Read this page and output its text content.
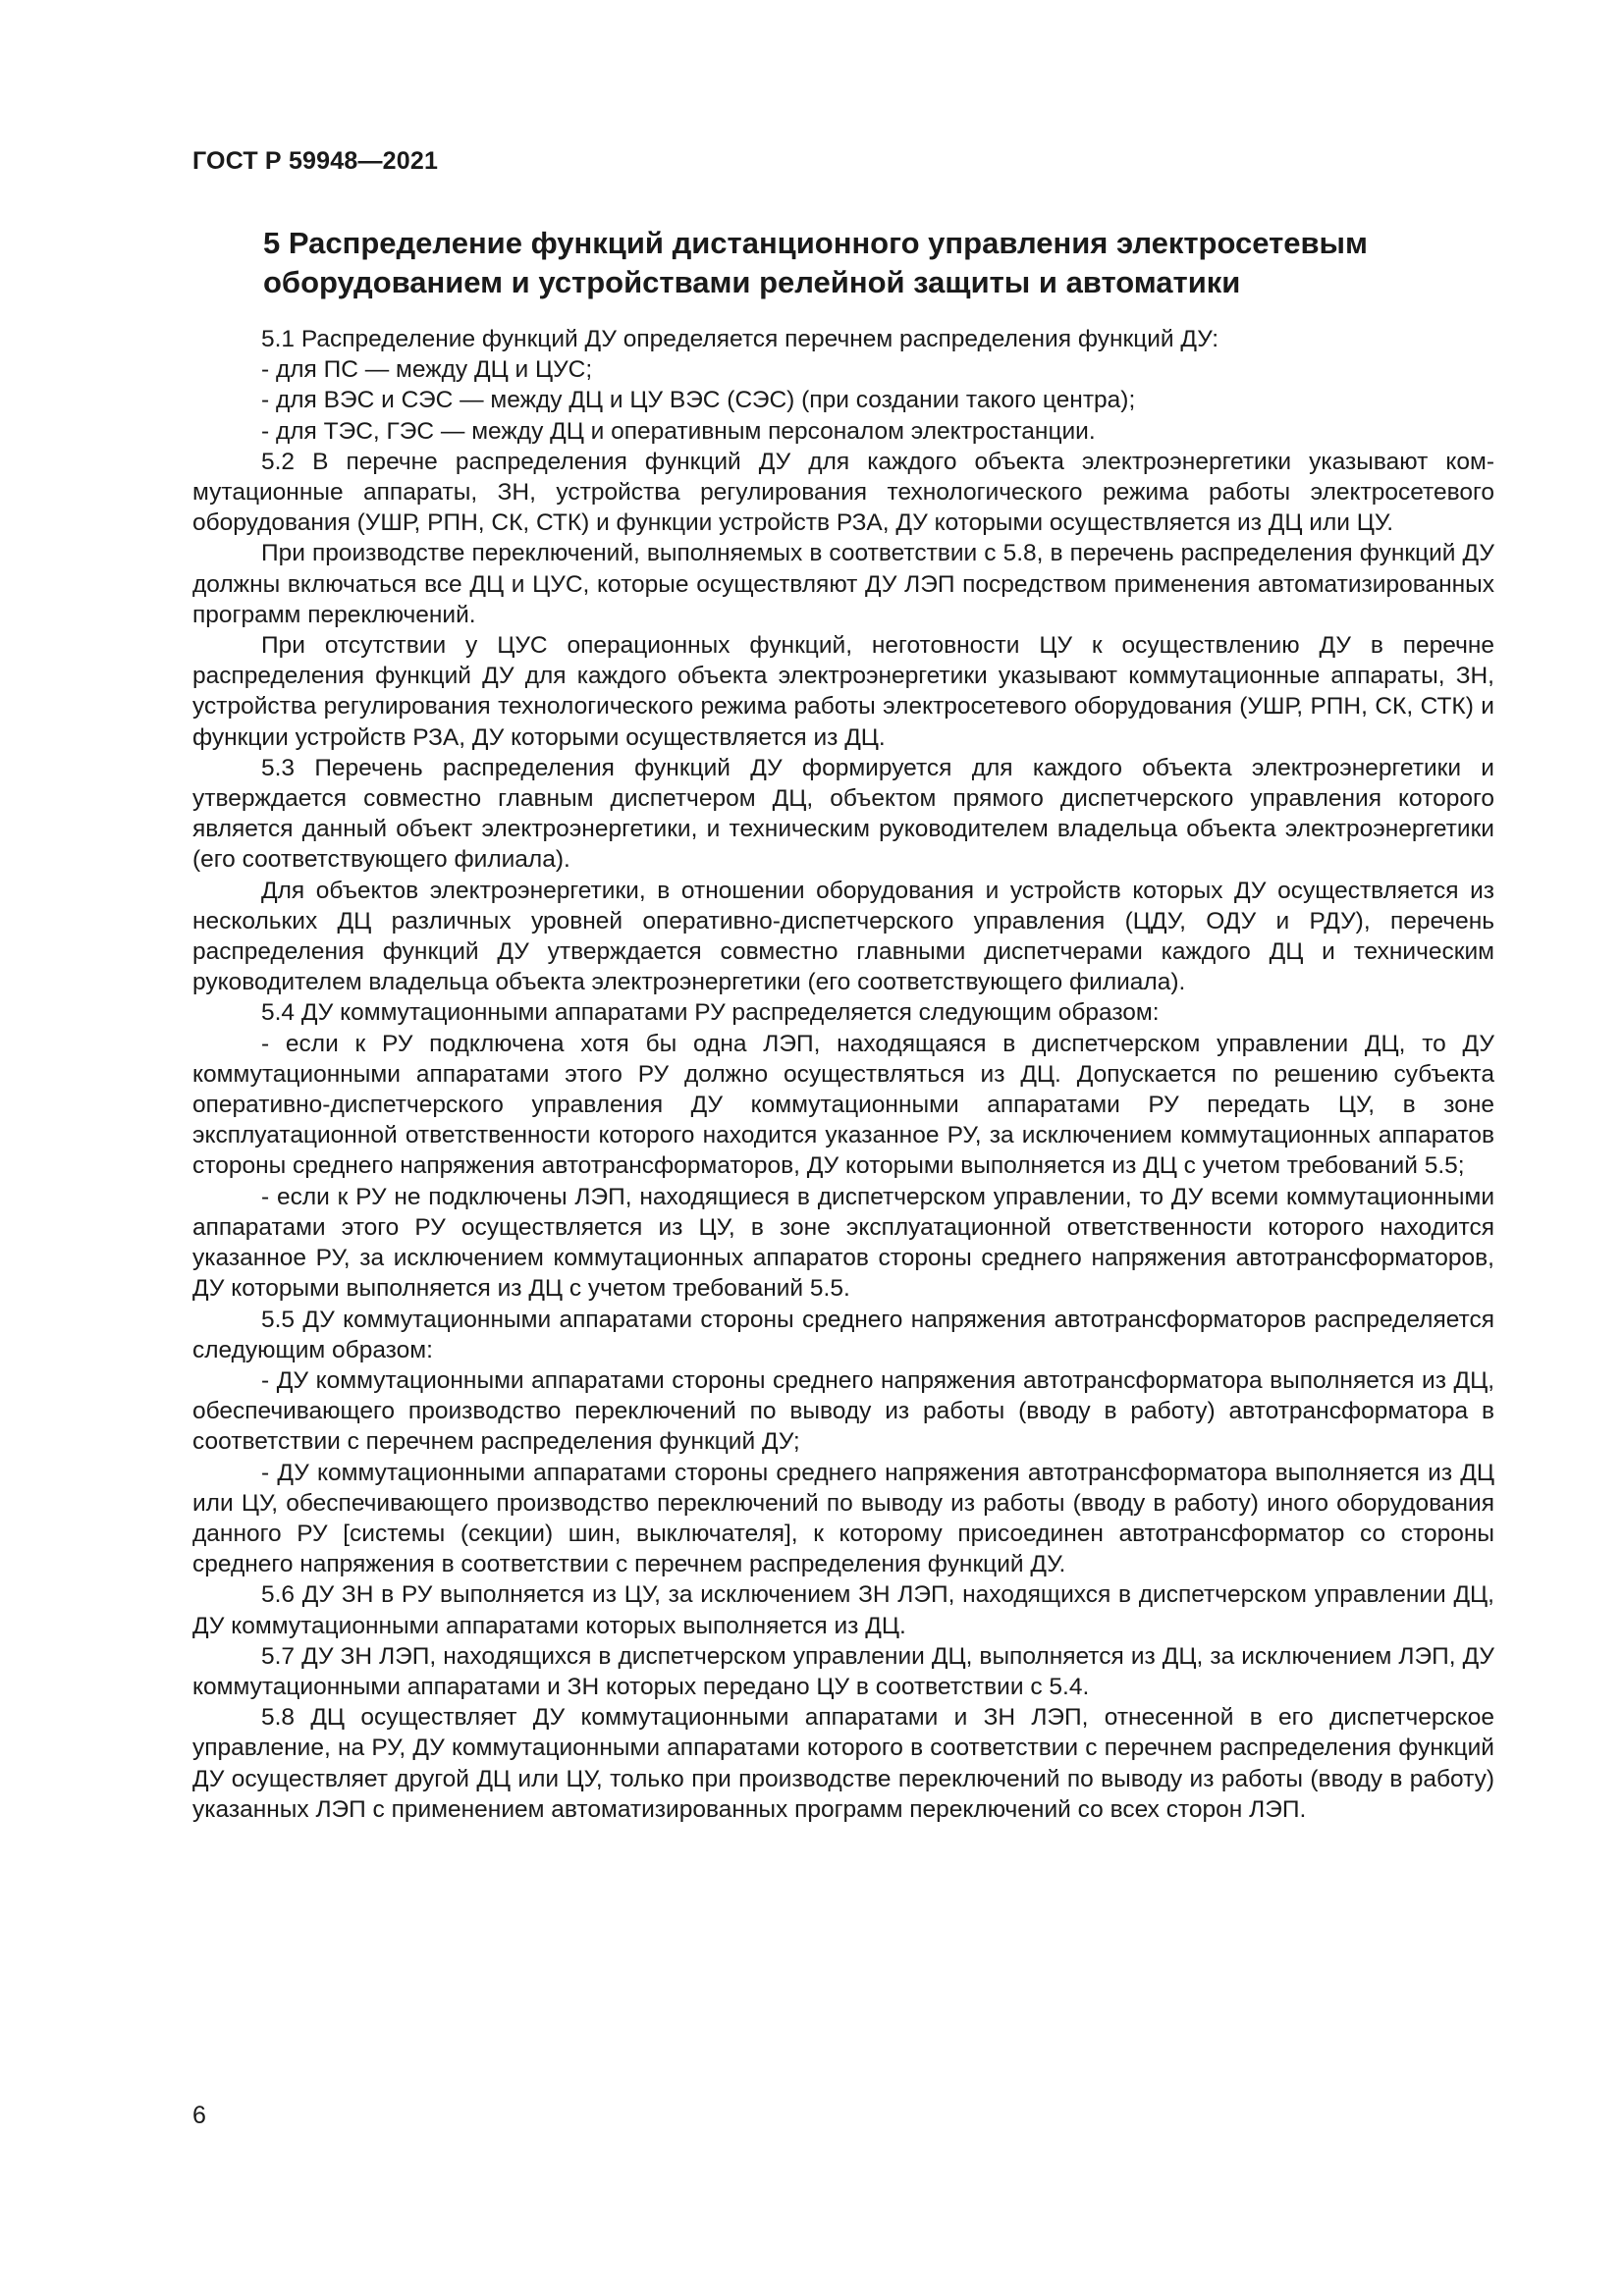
ГОСТ Р 59948—2021
5 Распределение функций дистанционного управления электросетевым оборудованием и устройствами релейной защиты и автоматики

5.1 Распределение функций ДУ определяется перечнем распределения функций ДУ:

- для ПС — между ДЦ и ЦУС;

- для ВЭС и СЭС — между ДЦ и ЦУ ВЭС (СЭС) (при создании такого центра);

- для ТЭС, ГЭС — между ДЦ и оперативным персоналом электростанции.

5.2 В перечне распределения функций ДУ для каждого объекта электроэнергетики указывают коммутационные аппараты, ЗН, устройства регулирования технологического режима работы электросетевого оборудования (УШР, РПН, СК, СТК) и функции устройств РЗА, ДУ которыми осуществляется из ДЦ или ЦУ.

При производстве переключений, выполняемых в соответствии с 5.8, в перечень распределения функций ДУ должны включаться все ДЦ и ЦУС, которые осуществляют ДУ ЛЭП посредством применения автоматизированных программ переключений.

При отсутствии у ЦУС операционных функций, неготовности ЦУ к осуществлению ДУ в перечне распределения функций ДУ для каждого объекта электроэнергетики указывают коммутационные аппараты, ЗН, устройства регулирования технологического режима работы электросетевого оборудования (УШР, РПН, СК, СТК) и функции устройств РЗА, ДУ которыми осуществляется из ДЦ.

5.3 Перечень распределения функций ДУ формируется для каждого объекта электроэнергетики и утверждается совместно главным диспетчером ДЦ, объектом прямого диспетчерского управления которого является данный объект электроэнергетики, и техническим руководителем владельца объекта электроэнергетики (его соответствующего филиала).

Для объектов электроэнергетики, в отношении оборудования и устройств которых ДУ осуществляется из нескольких ДЦ различных уровней оперативно-диспетчерского управления (ЦДУ, ОДУ и РДУ), перечень распределения функций ДУ утверждается совместно главными диспетчерами каждого ДЦ и техническим руководителем владельца объекта электроэнергетики (его соответствующего филиала).

5.4 ДУ коммутационными аппаратами РУ распределяется следующим образом:

- если к РУ подключена хотя бы одна ЛЭП, находящаяся в диспетчерском управлении ДЦ, то ДУ коммутационными аппаратами этого РУ должно осуществляться из ДЦ. Допускается по решению субъекта оперативно-диспетчерского управления ДУ коммутационными аппаратами РУ передать ЦУ, в зоне эксплуатационной ответственности которого находится указанное РУ, за исключением коммутационных аппаратов стороны среднего напряжения автотрансформаторов, ДУ которыми выполняется из ДЦ с учетом требований 5.5;

- если к РУ не подключены ЛЭП, находящиеся в диспетчерском управлении, то ДУ всеми коммутационными аппаратами этого РУ осуществляется из ЦУ, в зоне эксплуатационной ответственности которого находится указанное РУ, за исключением коммутационных аппаратов стороны среднего напряжения автотрансформаторов, ДУ которыми выполняется из ДЦ с учетом требований 5.5.

5.5 ДУ коммутационными аппаратами стороны среднего напряжения автотрансформаторов распределяется следующим образом:

- ДУ коммутационными аппаратами стороны среднего напряжения автотрансформатора выполняется из ДЦ, обеспечивающего производство переключений по выводу из работы (вводу в работу) автотрансформатора в соответствии с перечнем распределения функций ДУ;

- ДУ коммутационными аппаратами стороны среднего напряжения автотрансформатора выполняется из ДЦ или ЦУ, обеспечивающего производство переключений по выводу из работы (вводу в работу) иного оборудования данного РУ [системы (секции) шин, выключателя], к которому присоединен автотрансформатор со стороны среднего напряжения в соответствии с перечнем распределения функций ДУ.

5.6 ДУ ЗН в РУ выполняется из ЦУ, за исключением ЗН ЛЭП, находящихся в диспетчерском управлении ДЦ, ДУ коммутационными аппаратами которых выполняется из ДЦ.

5.7 ДУ ЗН ЛЭП, находящихся в диспетчерском управлении ДЦ, выполняется из ДЦ, за исключением ЛЭП, ДУ коммутационными аппаратами и ЗН которых передано ЦУ в соответствии с 5.4.

5.8 ДЦ осуществляет ДУ коммутационными аппаратами и ЗН ЛЭП, отнесенной в его диспетчерское управление, на РУ, ДУ коммутационными аппаратами которого в соответствии с перечнем распределения функций ДУ осуществляет другой ДЦ или ЦУ, только при производстве переключений по выводу из работы (вводу в работу) указанных ЛЭП с применением автоматизированных программ переключений со всех сторон ЛЭП.

6
